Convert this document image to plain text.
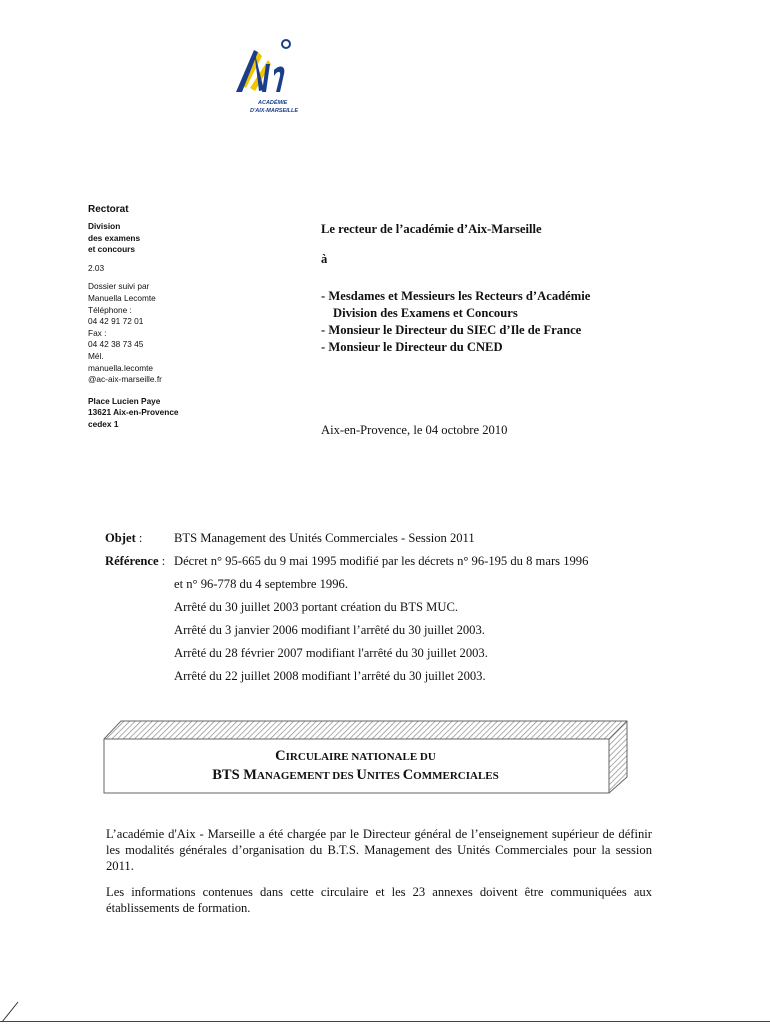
ACADÉMIE
D'AIX-MARSEILLE
Rectorat
Division
des examens
et concours
2.03
Dossier suivi par
Manuella Lecomte
Téléphone :
04 42 91 72 01
Fax :
04 42 38 73 45
Mél.
manuella.lecomte
@ac-aix-marseille.fr
Place Lucien Paye
13621 Aix-en-Provence
cedex 1
Le recteur de l’académie d’Aix-Marseille
à
- Mesdames et Messieurs les Recteurs d’Académie
Division des Examens et Concours
- Monsieur le Directeur du SIEC d’Ile de France
- Monsieur le Directeur du CNED
Aix-en-Provence, le 04 octobre 2010
Objet :	BTS Management des Unités Commerciales - Session 2011
Référence : Décret n° 95-665 du 9 mai 1995 modifié par les décrets n° 96-195 du 8 mars 1996
et n° 96-778 du 4 septembre 1996.
Arrêté du 30 juillet 2003 portant création du BTS MUC.
Arrêté du 3 janvier 2006 modifiant l’arrêté du 30 juillet 2003.
Arrêté du 28 février 2007 modifiant l'arrêté du 30 juillet 2003.
Arrêté du 22 juillet 2008 modifiant l’arrêté du 30 juillet 2003.
CIRCULAIRE NATIONALE DU
BTS MANAGEMENT DES UNITES COMMERCIALES

L’académie d'Aix - Marseille a été chargée par le Directeur général de l’enseignement supérieur de définir les modalités générales d’organisation du B.T.S. Management des Unités Commerciales pour la session 2011.

Les informations contenues dans cette circulaire et les 23 annexes doivent être communiquées aux établissements de formation.
